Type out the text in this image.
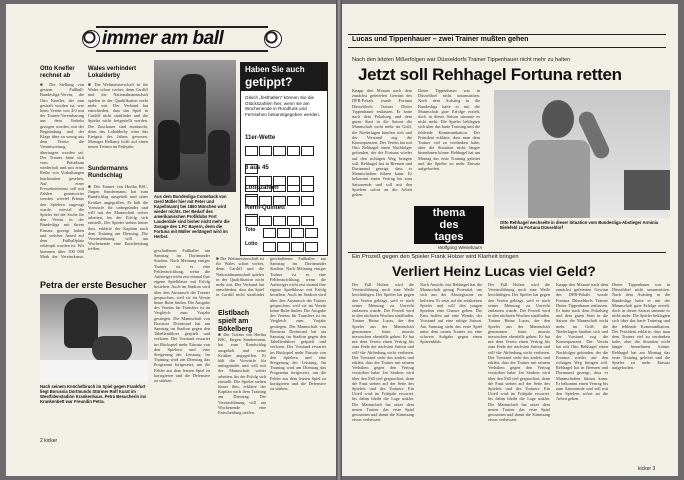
immer am ball
Otto Knefler rechnet ab
■ Die Stellung von gestern Fußball-Bundesliga-Verein, die Otto Knefler, der nun gestraft worden ist, war beim Verein von 4:0 mit der Trainer-Vereinbarung aus dem Verkehr gezogen worden, mit der Begründung und der Klage über zu wenig aus dem Verein die Verantwortung übertragen worden sei. Der Trainer habe sich vom Präsidium wiederholt und mit einer Reihe von Vorhaltungen konfrontiert gesehen. Auf einer Pressekonferenz soll mit Zahlen geantwortet werden, wieviel Prämie den Spielern zugesagt wurde, wieviel die Spieler bei der Sache für den Verein in der Bundesliga mit ihrem Einsatz gezeigt haben und welcher Anteil auf dem Fußballplatz erkämpft worden ist. Wir kommen über 300 000 Mark der Vereinskasse,
Petra der erste Besucher
Wales verhindert Lokalderby
■ Die Weltmeisterschaft ist für Wales schon vorbei, denn Cardiff und die Nationalmannschaft spielen in der Qualifikation nicht mehr mit. Der Verband hat entschieden, dass das Spiel in Cardiff nicht stattfindet und die Spieler nicht freigestellt werden. Die Zuschauer sind enttäuscht, denn das Lokalderby wäre das Ereignis des Jahres gewesen. Manager Bellamy hofft auf einen neuen Termin im Frühjahr.
Sundermanns Rundschlag
■ Der Trainer von Hertha BSC, Jürgen Sundermann, hat zum Rundschlag ausgeholt und seine Kritiker angegriffen. Er hält die Vorwürfe für unbegründet und will mit der Mannschaft weiter arbeiten, bis der Erfolg sich einstellt. Die Spieler stehen hinter ihm, erklärte der Kapitän nach dem Training am Dienstag. Die Vereinsführung will am Wochenende eine Entscheidung treffen.
Aus dem Bundesliga-Comeback von Gerd Müller hier mit Peter und Kapellmann) bei 1860 München wird wieder nichts. Der Bedarf des amerikanischen Profiklubs Fort Lauderdale sind bisher nicht mehr die Zusage des 1.FC Bayern, denn die Fortuna mit Müller verlängert wird im Herbst.
Haben Sie auch
getippt?
Gleich „festhalten" können Sie die Glückszahlen hier, wenn sie am Wochenende in Rundfunk und Fernsehen bekanntgegeben werden.
11er-Wette

6 aus 45
Lottozahlen
Renn-Quintett
Toto
Lotto
geschaffenen Fußballer am Samstag im Dortmunder Stadion. Nach Meinung einiger Trainer ist es eine Fehlentwicklung, wenn die Aufsteiger nicht erst einmal ihre eigene Spielklasse mit Erfolg bestehen. Auch im Stadion wird über den Austausch der Trainer gesprochen, weil sie im Verein keine Ruhe finden. Die Ausgabe des Vereins für Transfers ist im Vergleich zum Vorjahr gestiegen. Die Mannschaft von Borussia Dortmund hat am Samstag im Stadion gegen den Tabellenführer gespielt und verloren. Der Vorstand erwartet im Rückspiel mehr Einsatz von den Spielern und eine Steigerung der Leistung. Im Training wird am Dienstag das Programm fortgesetzt, um die Fehler aus dem letzten Spiel zu korrigieren und die Defensive zu stärken.
■ Die Weltmeisterschaft ist für Wales schon vorbei, denn Cardiff und die Nationalmannschaft spielen in der Qualifikation nicht mehr mit. Der Verband hat entschieden, dass das Spiel in Cardiff nicht stattfindet
Elstlbach spielt am Bökelberg
■ Der Trainer von Hertha BSC, Jürgen Sundermann, hat zum Rundschlag ausgeholt und seine Kritiker angegriffen. Er hält die Vorwürfe für unbegründet und will mit der Mannschaft weiter arbeiten, bis der Erfolg sich einstellt. Die Spieler stehen hinter ihm, erklärte der Kapitän nach dem Training am Dienstag. Die Vereinsführung will am Wochenende eine Entscheidung treffen.
geschaffenen Fußballer am Samstag im Dortmunder Stadion. Nach Meinung einiger Trainer ist es eine Fehlentwicklung, wenn die Aufsteiger nicht erst einmal ihre eigene Spielklasse mit Erfolg bestehen. Auch im Stadion wird über den Austausch der Trainer gesprochen, weil sie im Verein keine Ruhe finden. Die Ausgabe des Vereins für Transfers ist im Vergleich zum Vorjahr gestiegen. Die Mannschaft von Borussia Dortmund hat am Samstag im Stadion gegen den Tabellenführer gespielt und verloren. Der Vorstand erwartet im Rückspiel mehr Einsatz von den Spielern und eine Steigerung der Leistung. Im Training wird am Dienstag das Programm fortgesetzt, um die Fehler aus dem letzten Spiel zu korrigieren und die Defensive zu stärken.
Nach seinem Knöchelbruch im Spiel gegen Frankfurt liegt Borussia Dortmunds Stürmer Rolf Kurat im Westfalenstadion Krankenhaus. Petra Besucherin ins Krankenbett war Freundin Petra.
2 kicker
Lucas und Tippenhauer – zwei Trainer mußten gehen
Nach den letzten Mißerfolgen war Düsseldorfs Trainer Tippenhauer nicht mehr zu halten
Jetzt soll Rehhagel Fortuna retten
Knapp drei Monate nach dem zunächst gefeierten Gewinn des DFB-Pokals wurde Fortuna Düsseldorfs Trainer Dieter Tippenhauer entlassen. Er hatte nach dem Pokalsieg und dem guten Start in die Saison die Mannschaft nicht mehr im Griff, die Niederlagen häuften sich und der Vorstand zog die Konsequenzen. Der Verein hat mit Otto Rehhagel einen Nachfolger gefunden, der die Fortuna wieder auf den richtigen Weg bringen soll. Rehhagel hat in Bremen und Dortmund gezeigt, dass er Mannschaften führen kann. Er bekommt einen Vertrag bis zum Saisonende und soll mit den Spielern sofort an die Arbeit gehen.
Dieter Tippenhauer war in Düsseldorf nicht unumstritten. Nach dem Aufstieg in die Bundesliga hatte er mit der Mannschaft gute Erfolge erzielt, doch in dieser Saison stimmte es nicht mehr. Die Spieler beklagten sich über das harte Training und die fehlende Kommunikation. Der Präsident erklärte, dass man dem Trainer viel zu verdanken habe, aber die Situation nicht länger hinnehmen könne. Rehhagel hat am Montag das erste Training geleitet und die Spieler zu mehr Einsatz aufgefordert.
Otto Rehhagel wechselte in dieser Situation vom Bundesliga-Abstieger Arminia Bielefeld zu Fortuna Düsseldorf
thema
des
tages
Wolfgang Wiesebaum
Ein Prozeß gegen den Spieler Frank Holzer wird Klarheit bringen
Verliert Heinz Lucas viel Geld?
Der Fall Holzer wird die Vereinsführung noch eine Weile beschäftigen. Der Spieler hat gegen den Verein geklagt, weil er nach seiner Meinung zu Unrecht entlassen wurde. Der Prozeß wird in den nächsten Wochen stattfinden. Trainer Heinz Lucas, der den Spieler aus der Mannschaft genommen hatte, musste inzwischen ebenfalls gehen. Er hat mit dem Verein einen Vertrag bis zum Ende der nächsten Saison und will die Abfindung nicht verlieren. Der Vorstand sieht das anders und erklärt, dass der Trainer mit seinem Verhalten gegen den Vertrag verstoßen habe. Im Stadion wird über den Fall viel gesprochen, denn die Fans stehen auf der Seite des Spielers und des Trainers. Ein Urteil wird im Frühjahr erwartet, bis dahin bleibt die Lage unklar. Die Mannschaft hat unter dem neuen Trainer das erste Spiel gewonnen und damit die Stimmung etwas verbessert.
Nach Ansicht von Rehhagel hat die Mannschaft genug Potential, um sich aus der Abstiegszone zu befreien. Er setzt auf die erfahrenen Spieler und will den jungen Spielern eine Chance geben. Die Fans hoffen auf eine Wende, der Vorstand auf eine ruhige Saison. Am Samstag steht das erste Spiel unter dem neuen Trainer an, eine schwere Aufgabe gegen einen Spitzenklub.
Der Fall Holzer wird die Vereinsführung noch eine Weile beschäftigen. Der Spieler hat gegen den Verein geklagt, weil er nach seiner Meinung zu Unrecht entlassen wurde. Der Prozeß wird in den nächsten Wochen stattfinden. Trainer Heinz Lucas, der den Spieler aus der Mannschaft genommen hatte, musste inzwischen ebenfalls gehen. Er hat mit dem Verein einen Vertrag bis zum Ende der nächsten Saison und will die Abfindung nicht verlieren. Der Vorstand sieht das anders und erklärt, dass der Trainer mit seinem Verhalten gegen den Vertrag verstoßen habe. Im Stadion wird über den Fall viel gesprochen, denn die Fans stehen auf der Seite des Spielers und des Trainers. Ein Urteil wird im Frühjahr erwartet, bis dahin bleibt die Lage unklar. Die Mannschaft hat unter dem neuen Trainer das erste Spiel gewonnen und damit die Stimmung etwas verbessert.
Knapp drei Monate nach dem zunächst gefeierten Gewinn des DFB-Pokals wurde Fortuna Düsseldorfs Trainer Dieter Tippenhauer entlassen. Er hatte nach dem Pokalsieg und dem guten Start in die Saison die Mannschaft nicht mehr im Griff, die Niederlagen häuften sich und der Vorstand zog die Konsequenzen. Der Verein hat mit Otto Rehhagel einen Nachfolger gefunden, der die Fortuna wieder auf den richtigen Weg bringen soll. Rehhagel hat in Bremen und Dortmund gezeigt, dass er Mannschaften führen kann. Er bekommt einen Vertrag bis zum Saisonende und soll mit den Spielern sofort an die Arbeit gehen.
Dieter Tippenhauer war in Düsseldorf nicht unumstritten. Nach dem Aufstieg in die Bundesliga hatte er mit der Mannschaft gute Erfolge erzielt, doch in dieser Saison stimmte es nicht mehr. Die Spieler beklagten sich über das harte Training und die fehlende Kommunikation. Der Präsident erklärte, dass man dem Trainer viel zu verdanken habe, aber die Situation nicht länger hinnehmen könne. Rehhagel hat am Montag das erste Training geleitet und die Spieler zu mehr Einsatz aufgefordert.
kicker 3
